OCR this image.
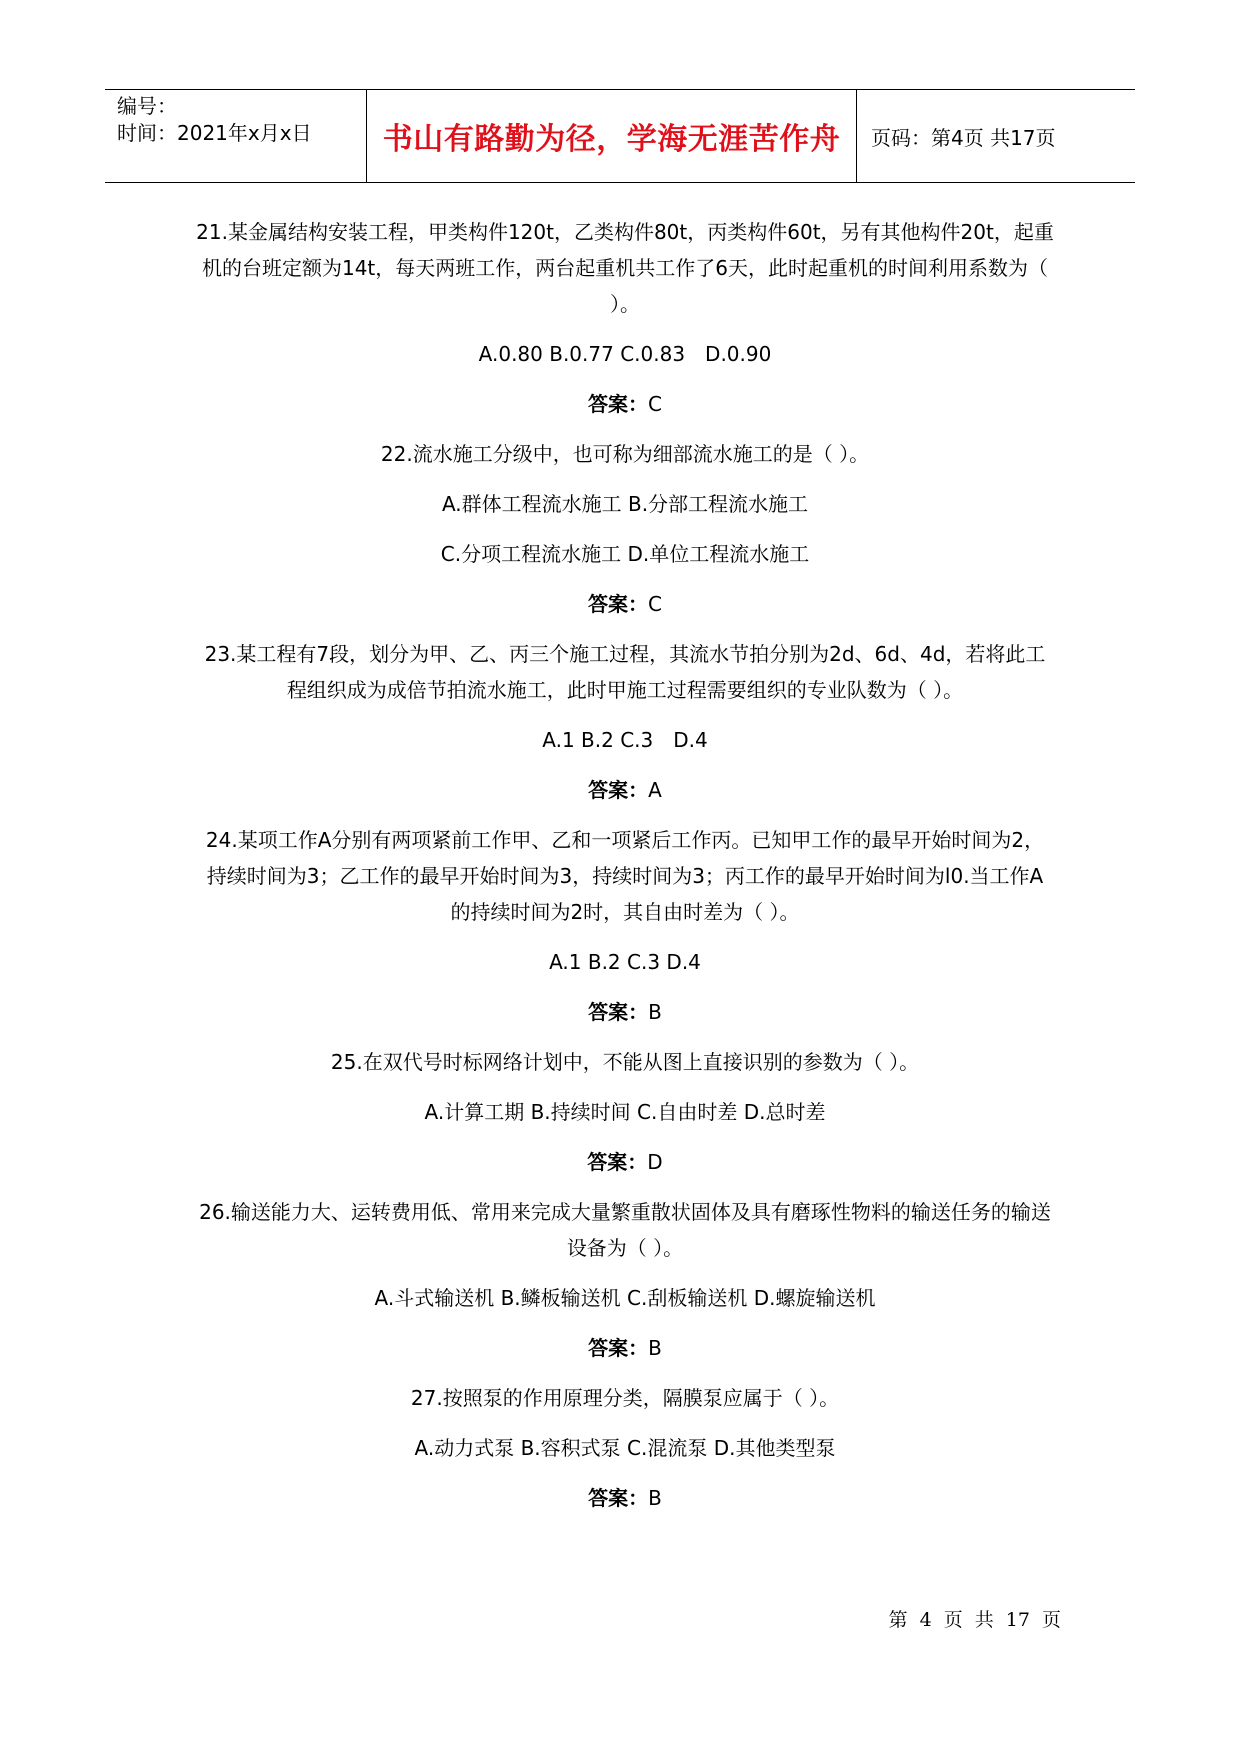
编号：
时间：2021年x月x日 书山有路勤为径，学海无涯苦作舟 页码：第4页 共17页
21.某金属结构安装工程，甲类构件120t，乙类构件80t，丙类构件60t，另有其他构件20t，起重机的台班定额为14t，每天两班工作，两台起重机共工作了6天，此时起重机的时间利用系数为（ ）。
A.0.80 B.0.77 C.0.83　D.0.90
答案：C
22.流水施工分级中，也可称为细部流水施工的是（ ）。
A.群体工程流水施工 B.分部工程流水施工
C.分项工程流水施工 D.单位工程流水施工
答案：C
23.某工程有7段，划分为甲、乙、丙三个施工过程，其流水节拍分别为2d、6d、4d，若将此工程组织成为成倍节拍流水施工，此时甲施工过程需要组织的专业队数为（ ）。
A.1 B.2 C.3　D.4
答案：A
24.某项工作A分别有两项紧前工作甲、乙和一项紧后工作丙。已知甲工作的最早开始时间为2，持续时间为3；乙工作的最早开始时间为3，持续时间为3；丙工作的最早开始时间为l0.当工作A的持续时间为2时，其自由时差为（ ）。
A.1 B.2 C.3 D.4
答案：B
25.在双代号时标网络计划中，不能从图上直接识别的参数为（ ）。
A.计算工期 B.持续时间 C.自由时差 D.总时差
答案：D
26.输送能力大、运转费用低、常用来完成大量繁重散状固体及具有磨琢性物料的输送任务的输送设备为（ ）。
A.斗式输送机 B.鳞板输送机 C.刮板输送机 D.螺旋输送机
答案：B
27.按照泵的作用原理分类，隔膜泵应属于（ ）。
A.动力式泵 B.容积式泵 C.混流泵 D.其他类型泵
答案：B
第 4 页 共 17 页
